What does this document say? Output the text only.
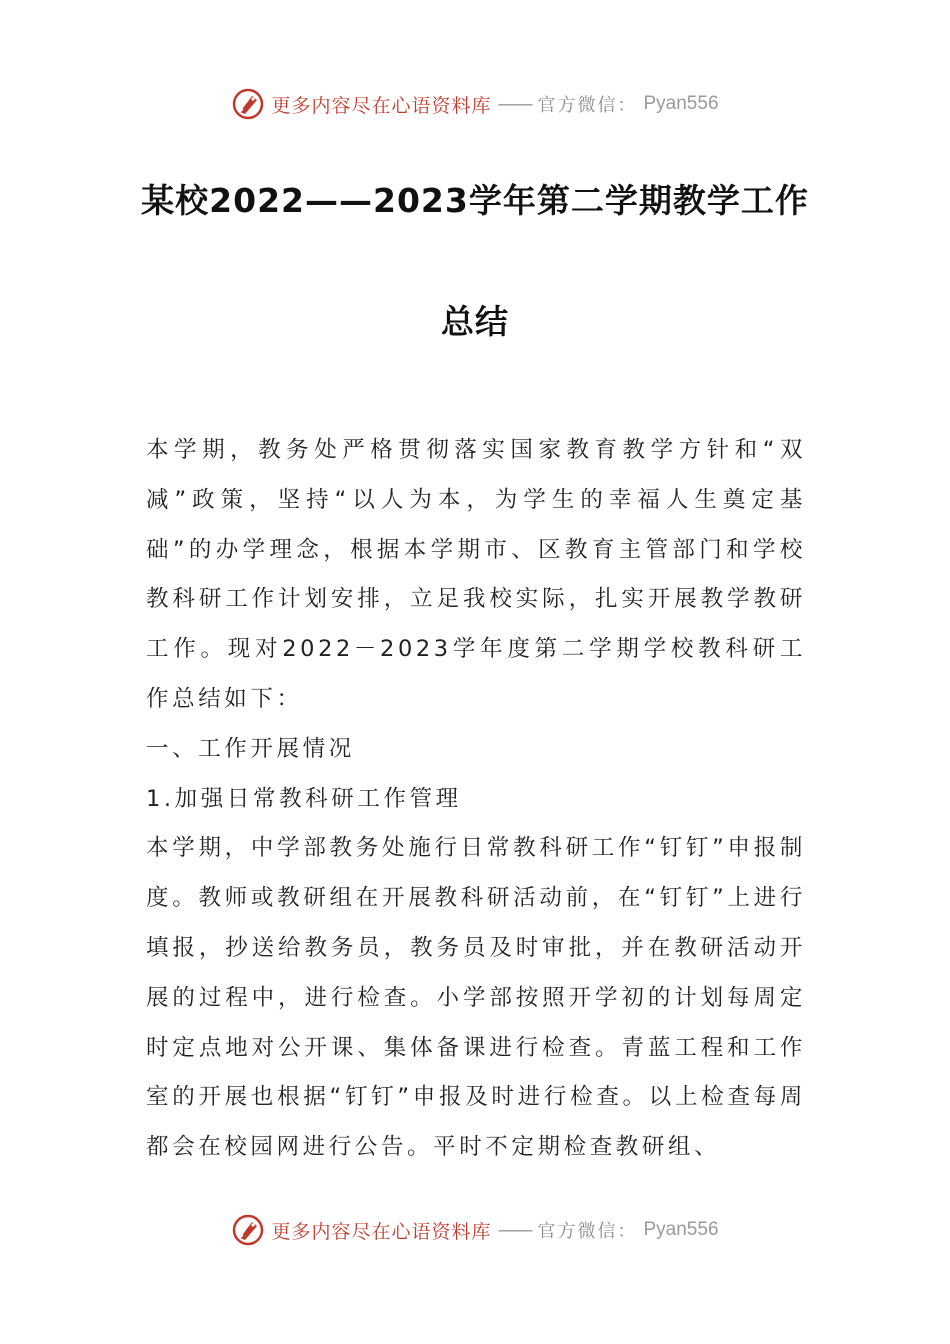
更多内容尽在心语资料库 —— 官方微信： Pyan556
某校2022——2023学年第二学期教学工作
总结

本学期，教务处严格贯彻落实国家教育教学方针和“双减”政策，坚持“以人为本，为学生的幸福人生奠定基础”的办学理念，根据本学期市、区教育主管部门和学校教科研工作计划安排，立足我校实际，扎实开展教学教研工作。现对2022－2023学年度第二学期学校教科研工作总结如下：

一、工作开展情况

1.加强日常教科研工作管理

本学期，中学部教务处施行日常教科研工作“钉钉”申报制度。教师或教研组在开展教科研活动前，在“钉钉”上进行填报，抄送给教务员，教务员及时审批，并在教研活动开展的过程中，进行检查。小学部按照开学初的计划每周定时定点地对公开课、集体备课进行检查。青蓝工程和工作室的开展也根据“钉钉”申报及时进行检查。以上检查每周都会在校园网进行公告。平时不定期检查教研组、

更多内容尽在心语资料库 —— 官方微信： Pyan556
